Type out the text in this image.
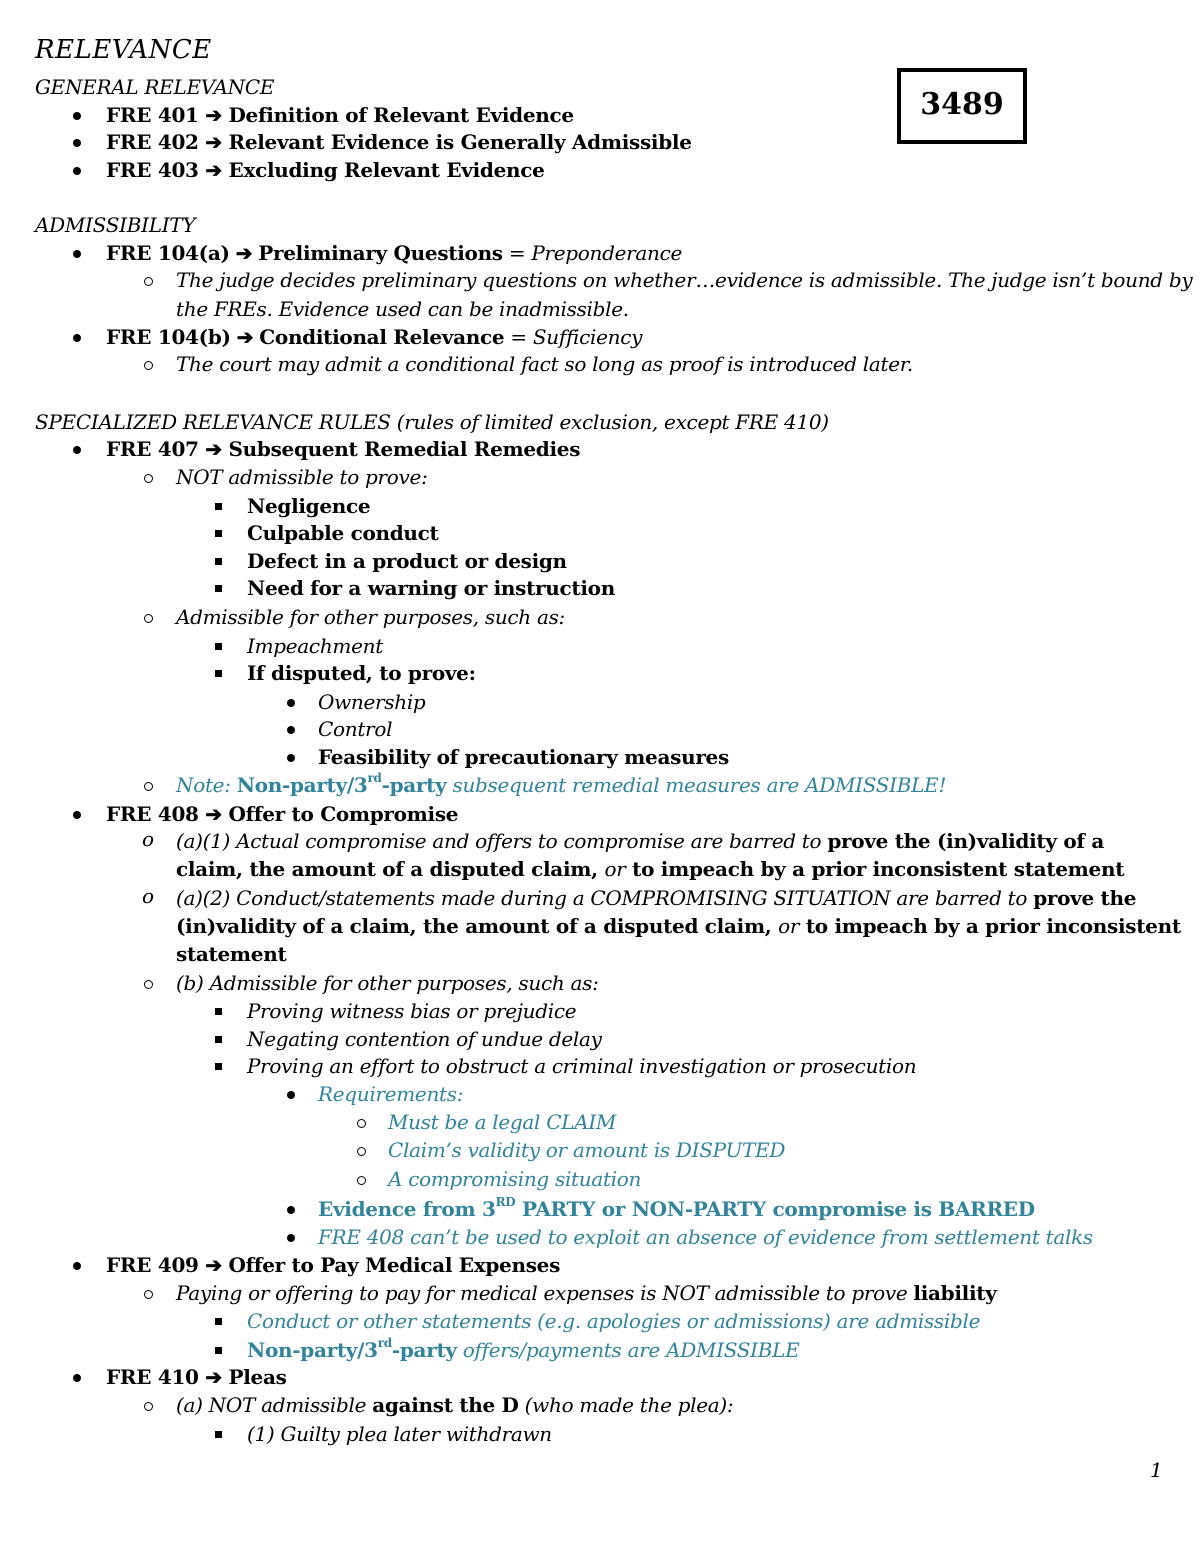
RELEVANCE
3489
GENERAL RELEVANCE
FRE 401 ➔ Definition of Relevant Evidence
FRE 402 ➔ Relevant Evidence is Generally Admissible
FRE 403 ➔ Excluding Relevant Evidence
ADMISSIBILITY
FRE 104(a) ➔ Preliminary Questions = Preponderance
The judge decides preliminary questions on whether…evidence is admissible. The judge isn’t bound by
the FREs. Evidence used can be inadmissible.
FRE 104(b) ➔ Conditional Relevance = Sufficiency
The court may admit a conditional fact so long as proof is introduced later.
SPECIALIZED RELEVANCE RULES (rules of limited exclusion, except FRE 410)
FRE 407 ➔ Subsequent Remedial Remedies
NOT admissible to prove:
Negligence
Culpable conduct
Defect in a product or design
Need for a warning or instruction
Admissible for other purposes, such as:
Impeachment
If disputed, to prove:
Ownership
Control
Feasibility of precautionary measures
Note: Non-party/3rd-party subsequent remedial measures are ADMISSIBLE!
FRE 408 ➔ Offer to Compromise
o (a)(1) Actual compromise and offers to compromise are barred to prove the (in)validity of a
claim, the amount of a disputed claim, or to impeach by a prior inconsistent statement
o (a)(2) Conduct/statements made during a COMPROMISING SITUATION are barred to prove the
(in)validity of a claim, the amount of a disputed claim, or to impeach by a prior inconsistent
statement
(b) Admissible for other purposes, such as:
Proving witness bias or prejudice
Negating contention of undue delay
Proving an effort to obstruct a criminal investigation or prosecution
Requirements:
Must be a legal CLAIM
Claim’s validity or amount is DISPUTED
A compromising situation
Evidence from 3RD PARTY or NON-PARTY compromise is BARRED
FRE 408 can’t be used to exploit an absence of evidence from settlement talks
FRE 409 ➔ Offer to Pay Medical Expenses
Paying or offering to pay for medical expenses is NOT admissible to prove liability
Conduct or other statements (e.g. apologies or admissions) are admissible
Non-party/3rd-party offers/payments are ADMISSIBLE
FRE 410 ➔ Pleas
(a) NOT admissible against the D (who made the plea):
(1) Guilty plea later withdrawn
1
